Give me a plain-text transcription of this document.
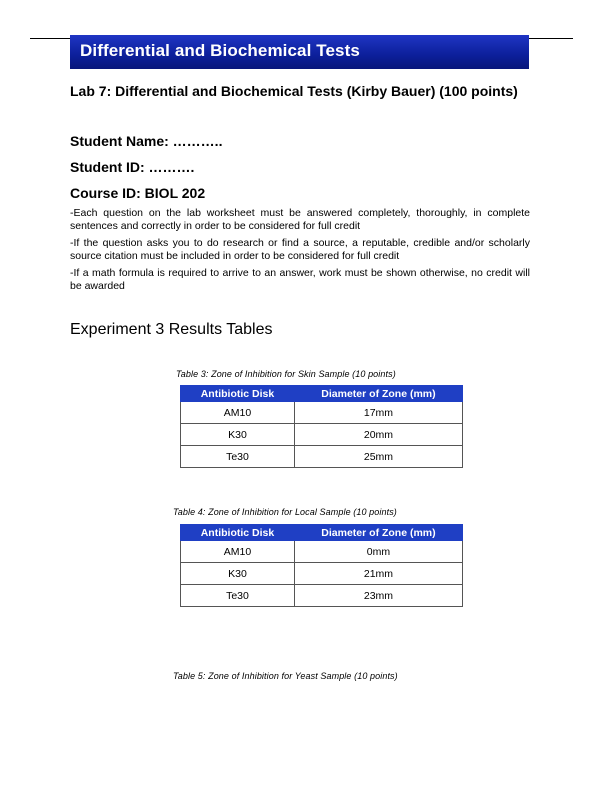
Differential and Biochemical Tests
Lab 7: Differential and Biochemical Tests (Kirby Bauer) (100 points)
Student Name: ………..
Student ID: ……….
Course ID: BIOL 202

-Each question on the lab worksheet must be answered completely, thoroughly, in complete sentences and correctly in order to be considered for full credit

-If the question asks you to do research or find a source, a reputable, credible and/or scholarly source citation must be included in order to be considered for full credit

-If a math formula is required to arrive to an answer, work must be shown otherwise, no credit will be awarded

Experiment 3 Results Tables
Table 3: Zone of Inhibition for Skin Sample (10 points)
Antibiotic Disk	Diameter of Zone (mm)
AM10	17mm
K30	20mm
Te30	25mm
Table 4: Zone of Inhibition for Local Sample (10 points)
Antibiotic Disk	Diameter of Zone (mm)
AM10	0mm
K30	21mm
Te30	23mm
Table 5: Zone of Inhibition for Yeast Sample (10 points)
